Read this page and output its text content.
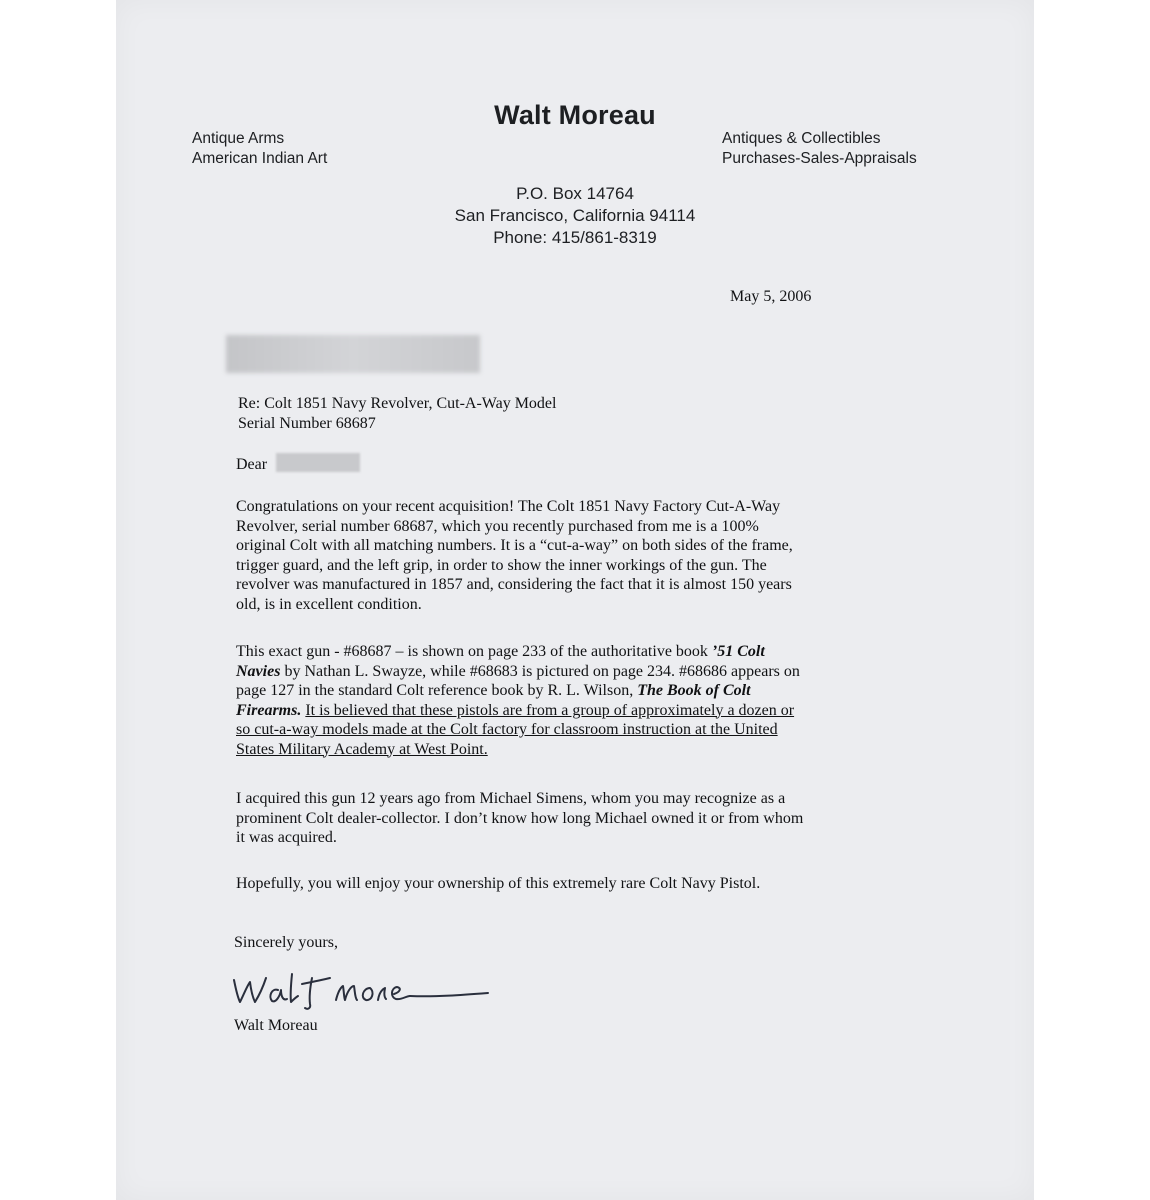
Walt Moreau
Antique Arms
American Indian Art
Antiques & Collectibles
Purchases-Sales-Appraisals
P.O. Box 14764
San Francisco, California 94114
Phone: 415/861-8319
May 5, 2006
Re: Colt 1851 Navy Revolver, Cut-A-Way Model
Serial Number 68687
Dear
Congratulations on your recent acquisition! The Colt 1851 Navy Factory Cut-A-Way
Revolver, serial number 68687, which you recently purchased from me is a 100%
original Colt with all matching numbers. It is a “cut-a-way” on both sides of the frame,
trigger guard, and the left grip, in order to show the inner workings of the gun. The
revolver was manufactured in 1857 and, considering the fact that it is almost 150 years
old, is in excellent condition.
This exact gun - #68687 – is shown on page 233 of the authoritative book ’51 Colt
Navies by Nathan L. Swayze, while #68683 is pictured on page 234. #68686 appears on
page 127 in the standard Colt reference book by R. L. Wilson, The Book of Colt
Firearms. It is believed that these pistols are from a group of approximately a dozen or
so cut-a-way models made at the Colt factory for classroom instruction at the United
States Military Academy at West Point.
I acquired this gun 12 years ago from Michael Simens, whom you may recognize as a
prominent Colt dealer-collector. I don’t know how long Michael owned it or from whom
it was acquired.
Hopefully, you will enjoy your ownership of this extremely rare Colt Navy Pistol.
Sincerely yours,
Walt Moreau
Walt Moreau
